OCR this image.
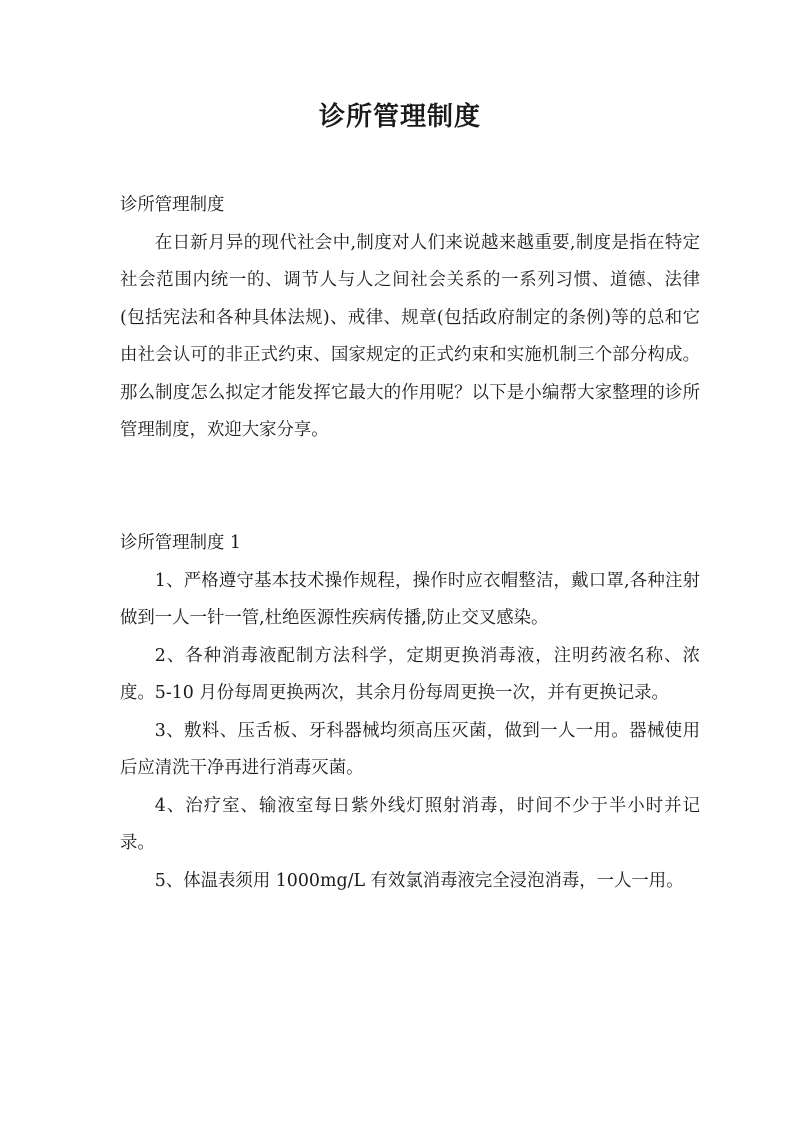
诊所管理制度

诊所管理制度

在日新月异的现代社会中,制度对人们来说越来越重要,制度是指在特定社会范围内统一的、调节人与人之间社会关系的一系列习惯、道德、法律(包括宪法和各种具体法规)、戒律、规章(包括政府制定的条例)等的总和它由社会认可的非正式约束、国家规定的正式约束和实施机制三个部分构成。那么制度怎么拟定才能发挥它最大的作用呢？以下是小编帮大家整理的诊所管理制度，欢迎大家分享。

诊所管理制度 1

1、严格遵守基本技术操作规程，操作时应衣帽整洁，戴口罩,各种注射做到一人一针一管,杜绝医源性疾病传播,防止交叉感染。

2、各种消毒液配制方法科学，定期更换消毒液，注明药液名称、浓度。5-10 月份每周更换两次，其余月份每周更换一次，并有更换记录。

3、敷料、压舌板、牙科器械均须高压灭菌，做到一人一用。器械使用后应清洗干净再进行消毒灭菌。

4、治疗室、输液室每日紫外线灯照射消毒，时间不少于半小时并记录。

5、体温表须用 1000mg/L 有效氯消毒液完全浸泡消毒，一人一用。
